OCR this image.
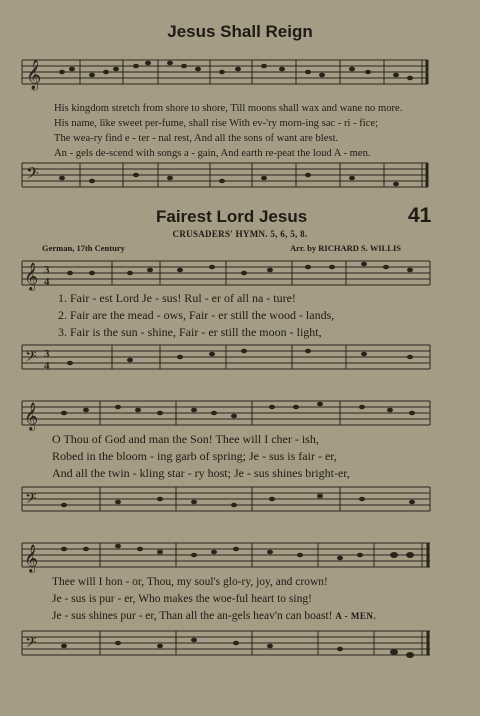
Jesus Shall Reign
𝄞
His kingdom stretch from shore to shore, Till moons shall wax and wane no more.
His name, like sweet per-fume, shall rise With ev-'ry morn-ing sac - ri - fice;
The wea-ry find e - ter - nal rest, And all the sons of want are blest.
An - gels de-scend with songs a - gain, And earth re-peat the loud A - men.
𝄢
Fairest Lord Jesus	41
CRUSADERS' HYMN. 5, 6, 5, 8.
German, 17th Century	Arr. by RICHARD S. WILLIS
𝄞 3
4
1. Fair - est Lord Je - sus! Rul - er of all na - ture!
2. Fair are the mead - ows, Fair - er still the wood - lands,
3. Fair is the sun - shine, Fair - er still the moon - light,
𝄢 3
4
𝄞
O Thou of God and man the Son! Thee will I cher - ish,
Robed in the bloom - ing garb of spring; Je - sus is fair - er,
And all the twin - kling star - ry host; Je - sus shines bright-er,
𝄢
𝄞
Thee will I hon - or, Thou, my soul's glo-ry, joy, and crown!
Je - sus is pur - er, Who makes the woe-ful heart to sing!
Je - sus shines pur - er, Than all the an-gels heav'n can boast! A - MEN.
𝄢
